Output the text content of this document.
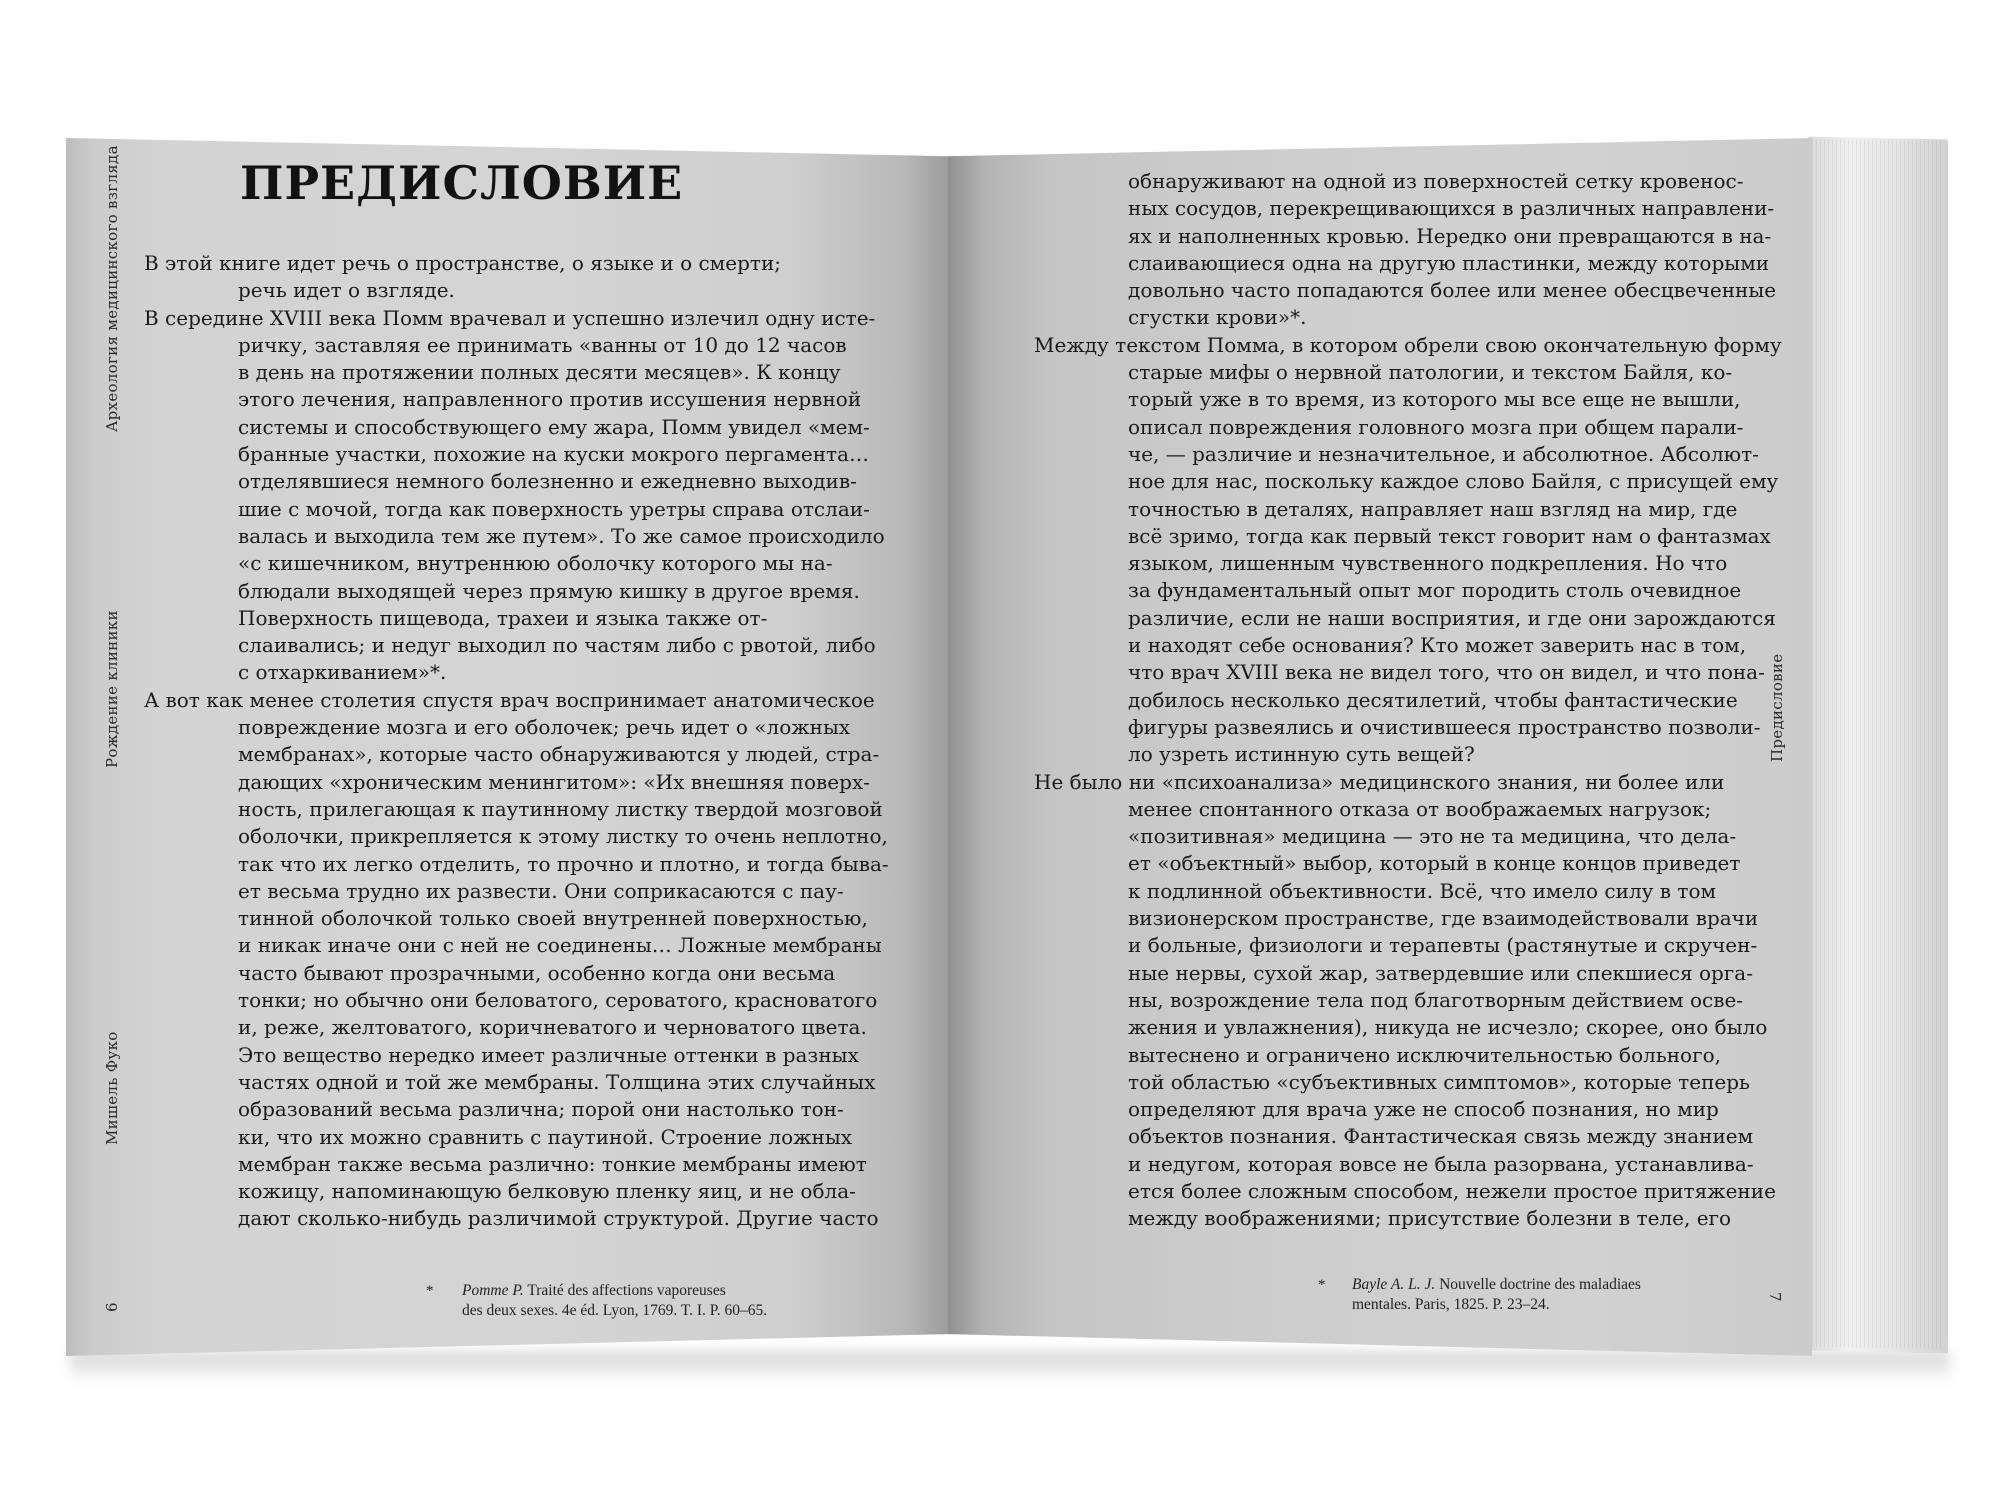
Археология медицинского взгляда
Рождение клиники
Мишель Фуко
6
ПРЕДИСЛОВИЕ
В этой книге идет речь о пространстве, о языке и о смерти;
речь идет о взгляде.
В середине XVIII века Помм врачевал и успешно излечил одну исте-
ричку, заставляя ее принимать «ванны от 10 до 12 часов
в день на протяжении полных десяти месяцев». К концу
этого лечения, направленного против иссушения нервной
системы и способствующего ему жара, Помм увидел «мем-
бранные участки, похожие на куски мокрого пергамента…
отделявшиеся немного болезненно и ежедневно выходив-
шие с мочой, тогда как поверхность уретры справа отслаи-
валась и выходила тем же путем». То же самое происходило
«с кишечником, внутреннюю оболочку которого мы на-
блюдали выходящей через прямую кишку в другое время.
Поверхность пищевода, трахеи и языка также от-
слаивались; и недуг выходил по частям либо с рвотой, либо
с отхаркиванием»*.
А вот как менее столетия спустя врач воспринимает анатомическое
повреждение мозга и его оболочек; речь идет о «ложных
мембранах», которые часто обнаруживаются у людей, стра-
дающих «хроническим менингитом»: «Их внешняя поверх-
ность, прилегающая к паутинному листку твердой мозговой
оболочки, прикрепляется к этому листку то очень неплотно,
так что их легко отделить, то прочно и плотно, и тогда быва-
ет весьма трудно их развести. Они соприкасаются с пау-
тинной оболочкой только своей внутренней поверхностью,
и никак иначе они с ней не соединены… Ложные мембраны
часто бывают прозрачными, особенно когда они весьма
тонки; но обычно они беловатого, сероватого, красноватого
и, реже, желтоватого, коричневатого и черноватого цвета.
Это вещество нередко имеет различные оттенки в разных
частях одной и той же мембраны. Толщина этих случайных
образований весьма различна; порой они настолько тон-
ки, что их можно сравнить с паутиной. Строение ложных
мембран также весьма различно: тонкие мембраны имеют
кожицу, напоминающую белковую пленку яиц, и не обла-
дают сколько-нибудь различимой структурой. Другие часто
* Pomme P. Traité des affections vaporeuses
des deux sexes. 4e éd. Lyon, 1769. T. I. P. 60–65.
обнаруживают на одной из поверхностей сетку кровенос-
ных сосудов, перекрещивающихся в различных направлени-
ях и наполненных кровью. Нередко они превращаются в на-
слаивающиеся одна на другую пластинки, между которыми
довольно часто попадаются более или менее обесцвеченные
сгустки крови»*.
Между текстом Помма, в котором обрели свою окончательную форму
старые мифы о нервной патологии, и текстом Байля, ко-
торый уже в то время, из которого мы все еще не вышли,
описал повреждения головного мозга при общем парали-
че, — различие и незначительное, и абсолютное. Абсолют-
ное для нас, поскольку каждое слово Байля, с присущей ему
точностью в деталях, направляет наш взгляд на мир, где
всё зримо, тогда как первый текст говорит нам о фантазмах
языком, лишенным чувственного подкрепления. Но что
за фундаментальный опыт мог породить столь очевидное
различие, если не наши восприятия, и где они зарождаются
и находят себе основания? Кто может заверить нас в том,
что врач XVIII века не видел того, что он видел, и что пона-
добилось несколько десятилетий, чтобы фантастические
фигуры развеялись и очистившееся пространство позволи-
ло узреть истинную суть вещей?
Не было ни «психоанализа» медицинского знания, ни более или
менее спонтанного отказа от воображаемых нагрузок;
«позитивная» медицина — это не та медицина, что дела-
ет «объектный» выбор, который в конце концов приведет
к подлинной объективности. Всё, что имело силу в том
визионерском пространстве, где взаимодействовали врачи
и больные, физиологи и терапевты (растянутые и скручен-
ные нервы, сухой жар, затвердевшие или спекшиеся орга-
ны, возрождение тела под благотворным действием осве-
жения и увлажнения), никуда не исчезло; скорее, оно было
вытеснено и ограничено исключительностью больного,
той областью «субъективных симптомов», которые теперь
определяют для врача уже не способ познания, но мир
объектов познания. Фантастическая связь между знанием
и недугом, которая вовсе не была разорвана, устанавлива-
ется более сложным способом, нежели простое притяжение
между воображениями; присутствие болезни в теле, его
Предисловие
7
* Bayle A. L. J. Nouvelle doctrine des maladiaes
mentales. Paris, 1825. P. 23–24.
